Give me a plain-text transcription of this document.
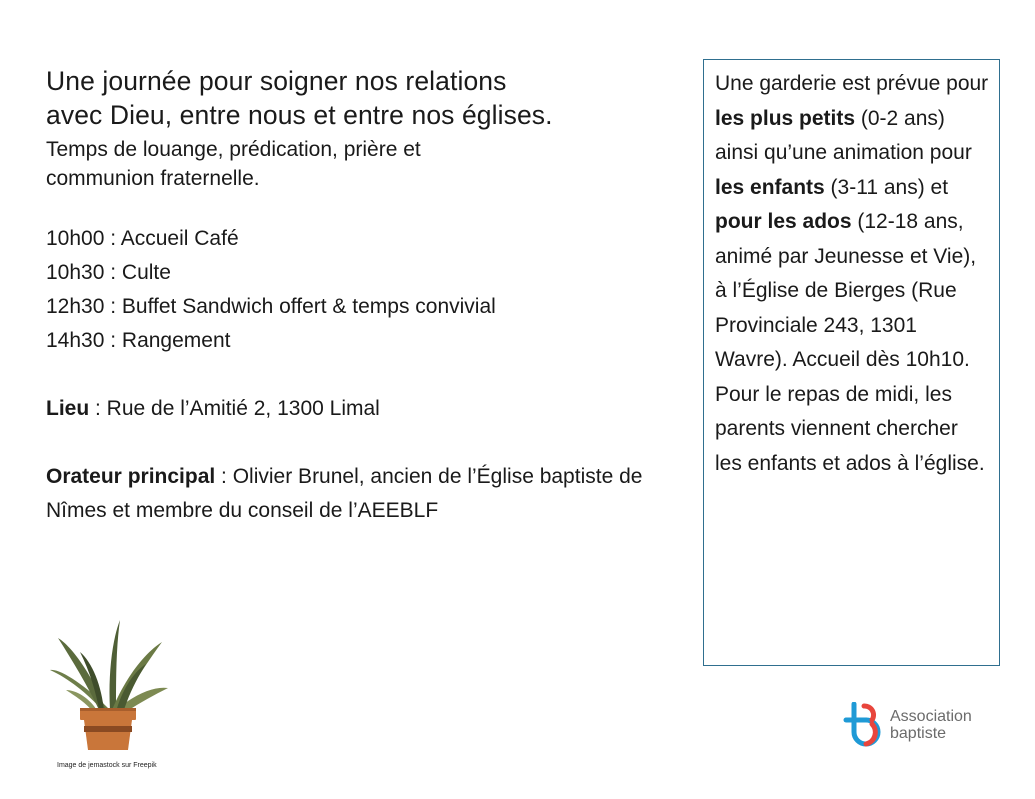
Une journée pour soigner nos relations
avec Dieu, entre nous et entre nos églises.
Temps de louange, prédication, prière et
communion fraternelle.
10h00 : Accueil Café
10h30 : Culte
12h30 : Buffet Sandwich offert & temps convivial
14h30 : Rangement
Lieu : Rue de l’Amitié 2, 1300 Limal
Orateur principal : Olivier Brunel, ancien de l’Église baptiste de Nîmes et membre du conseil de l’AEEBLF
Une garderie est prévue pour les plus petits (0-2 ans) ainsi qu’une animation pour les enfants (3-11 ans) et pour les ados (12-18 ans, animé par Jeunesse et Vie), à l’Église de Bierges (Rue Provinciale 243, 1301 Wavre). Accueil dès 10h10. Pour le repas de midi, les parents viennent chercher les enfants et ados à l’église.
Image de jemastock sur Freepik
Association
baptiste
